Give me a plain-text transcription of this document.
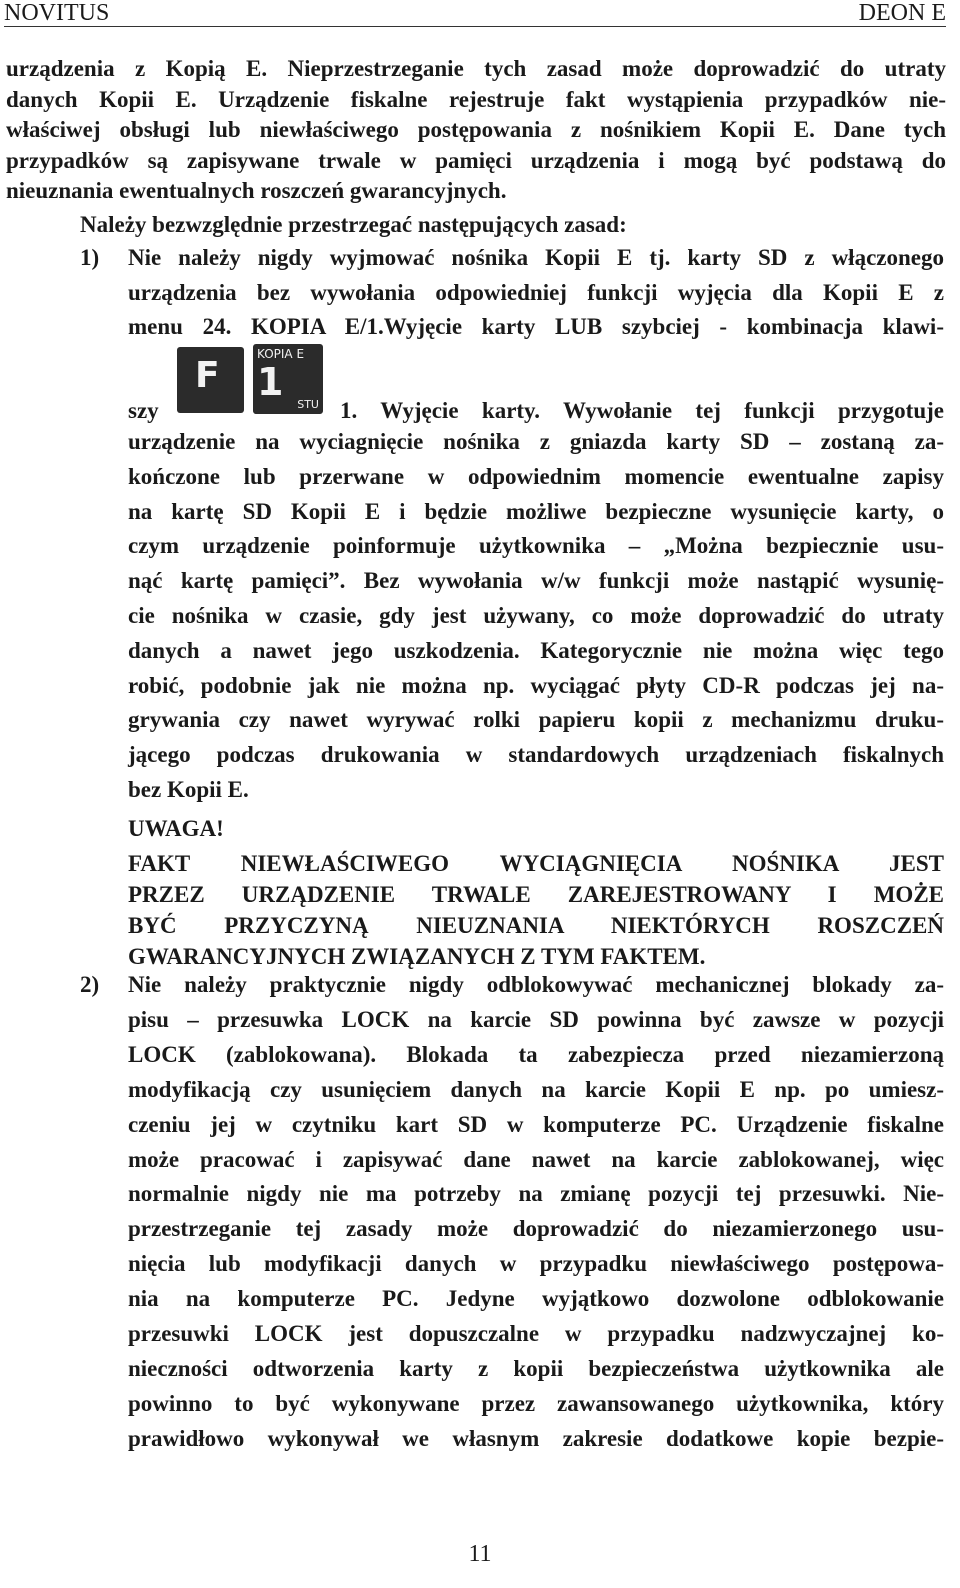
NOVITUS	DEON E
urządzenia z Kopią E. Nieprzestrzeganie tych zasad może doprowadzić do utraty
danych Kopii E. Urządzenie fiskalne rejestruje fakt wystąpienia przypadków nie-
właściwej obsługi lub niewłaściwego postępowania z nośnikiem Kopii E. Dane tych
przypadków są zapisywane trwale w pamięci urządzenia i mogą być podstawą do
nieuznania ewentualnych roszczeń gwarancyjnych.
Należy bezwzględnie przestrzegać następujących zasad:
1) Nie należy nigdy wyjmować nośnika Kopii E tj. karty SD z włączonego
urządzenia bez wywołania odpowiedniej funkcji wyjęcia dla Kopii E z
menu 24. KOPIA E/1.Wyjęcie karty LUB szybciej - kombinacja klawi-
szy
F
KOPIA E
1
STU 1. Wyjęcie karty. Wywołanie tej funkcji przygotuje
urządzenie na wyciagnięcie nośnika z gniazda karty SD – zostaną za-
kończone lub przerwane w odpowiednim momencie ewentualne zapisy
na kartę SD Kopii E i będzie możliwe bezpieczne wysunięcie karty, o
czym urządzenie poinformuje użytkownika – „Można bezpiecznie usu-
nąć kartę pamięci”. Bez wywołania w/w funkcji może nastąpić wysunię-
cie nośnika w czasie, gdy jest używany, co może doprowadzić do utraty
danych a nawet jego uszkodzenia. Kategorycznie nie można więc tego
robić, podobnie jak nie można np. wyciągać płyty CD-R podczas jej na-
grywania czy nawet wyrywać rolki papieru kopii z mechanizmu druku-
jącego podczas drukowania w standardowych urządzeniach fiskalnych
bez Kopii E.
UWAGA!
FAKT NIEWŁAŚCIWEGO WYCIĄGNIĘCIA NOŚNIKA JEST
PRZEZ URZĄDZENIE TRWALE ZAREJESTROWANY I MOŻE
BYĆ PRZYCZYNĄ NIEUZNANIA NIEKTÓRYCH ROSZCZEŃ
GWARANCYJNYCH ZWIĄZANYCH Z TYM FAKTEM.
2) Nie należy praktycznie nigdy odblokowywać mechanicznej blokady za-
pisu – przesuwka LOCK na karcie SD powinna być zawsze w pozycji
LOCK (zablokowana). Blokada ta zabezpiecza przed niezamierzoną
modyfikacją czy usunięciem danych na karcie Kopii E np. po umiesz-
czeniu jej w czytniku kart SD w komputerze PC. Urządzenie fiskalne
może pracować i zapisywać dane nawet na karcie zablokowanej, więc
normalnie nigdy nie ma potrzeby na zmianę pozycji tej przesuwki. Nie-
przestrzeganie tej zasady może doprowadzić do niezamierzonego usu-
nięcia lub modyfikacji danych w przypadku niewłaściwego postępowa-
nia na komputerze PC. Jedyne wyjątkowo dozwolone odblokowanie
przesuwki LOCK jest dopuszczalne w przypadku nadzwyczajnej ko-
nieczności odtworzenia karty z kopii bezpieczeństwa użytkownika ale
powinno to być wykonywane przez zawansowanego użytkownika, który
prawidłowo wykonywał we własnym zakresie dodatkowe kopie bezpie-
11
